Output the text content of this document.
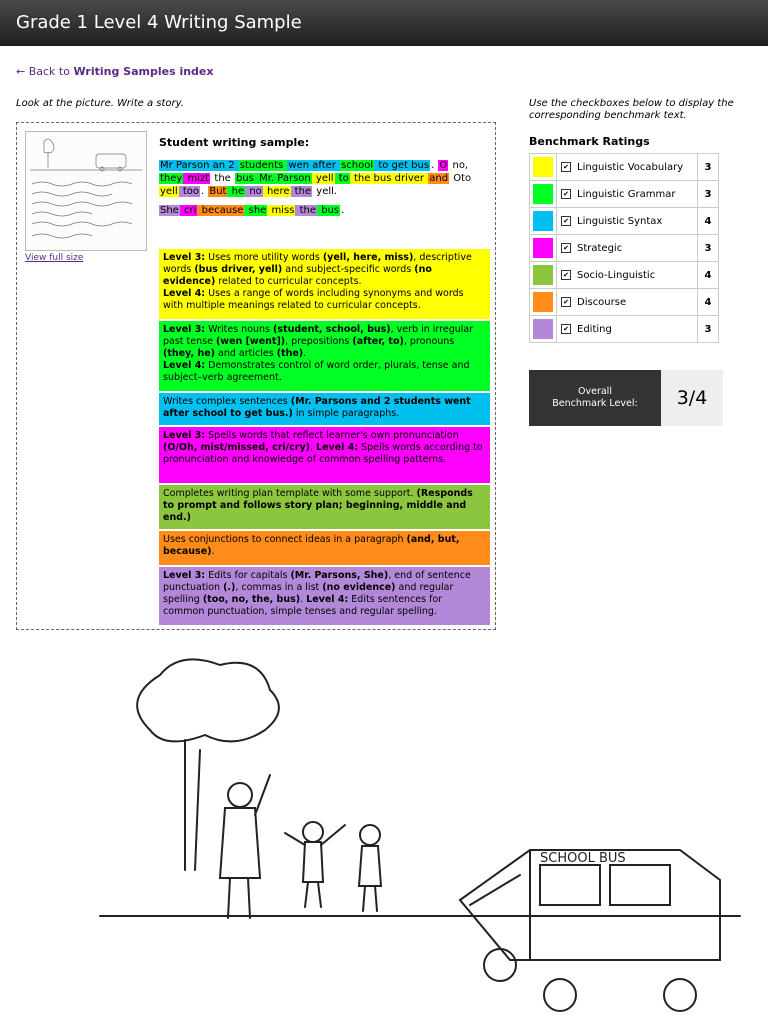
Grade 1 Level 4 Writing Sample
← Back to Writing Samples index
Look at the picture. Write a story.	Use the checkboxes below to display the corresponding benchmark text.
View full size
Student writing sample:

Mr Parson an 2 students wen after school to get bus . O no, they mizt the bus Mr. Parson yell to the bus driver and Oto yell too . But he no here the yell.

She cri because she miss the bus .

Level 3: Uses more utility words (yell, here, miss), descriptive words (bus driver, yell) and subject-specific words (no evidence) related to curricular concepts.
Level 4: Uses a range of words including synonyms and words with multiple meanings related to curricular concepts.
Level 3: Writes nouns (student, school, bus), verb in irregular past tense (wen [went]), prepositions (after, to), pronouns (they, he) and articles (the).
Level 4: Demonstrates control of word order, plurals, tense and subject–verb agreement.
Writes complex sentences (Mr. Parsons and 2 students went after school to get bus.) in simple paragraphs.
Level 3: Spells words that reflect learner's own pronunciation (O/Oh, mist/missed, cri/cry). Level 4: Spells words according to pronunciation and knowledge of common spelling patterns.
Completes writing plan template with some support. (Responds to prompt and follows story plan; beginning, middle and end.)
Uses conjunctions to connect ideas in a paragraph (and, but, because).
Level 3: Edits for capitals (Mr. Parsons, She), end of sentence punctuation (.), commas in a list (no evidence) and regular spelling (too, no, the, bus). Level 4: Edits sentences for common punctuation, simple tenses and regular spelling.
Benchmark Ratings
	✔ Linguistic Vocabulary	3

	✔ Linguistic Grammar	3

	✔ Linguistic Syntax	4

	✔ Strategic	3

	✔ Socio-Linguistic	4

	✔ Discourse	4

	✔ Editing	3
Overall
Benchmark Level:	3/4
SCHOOL BUS
